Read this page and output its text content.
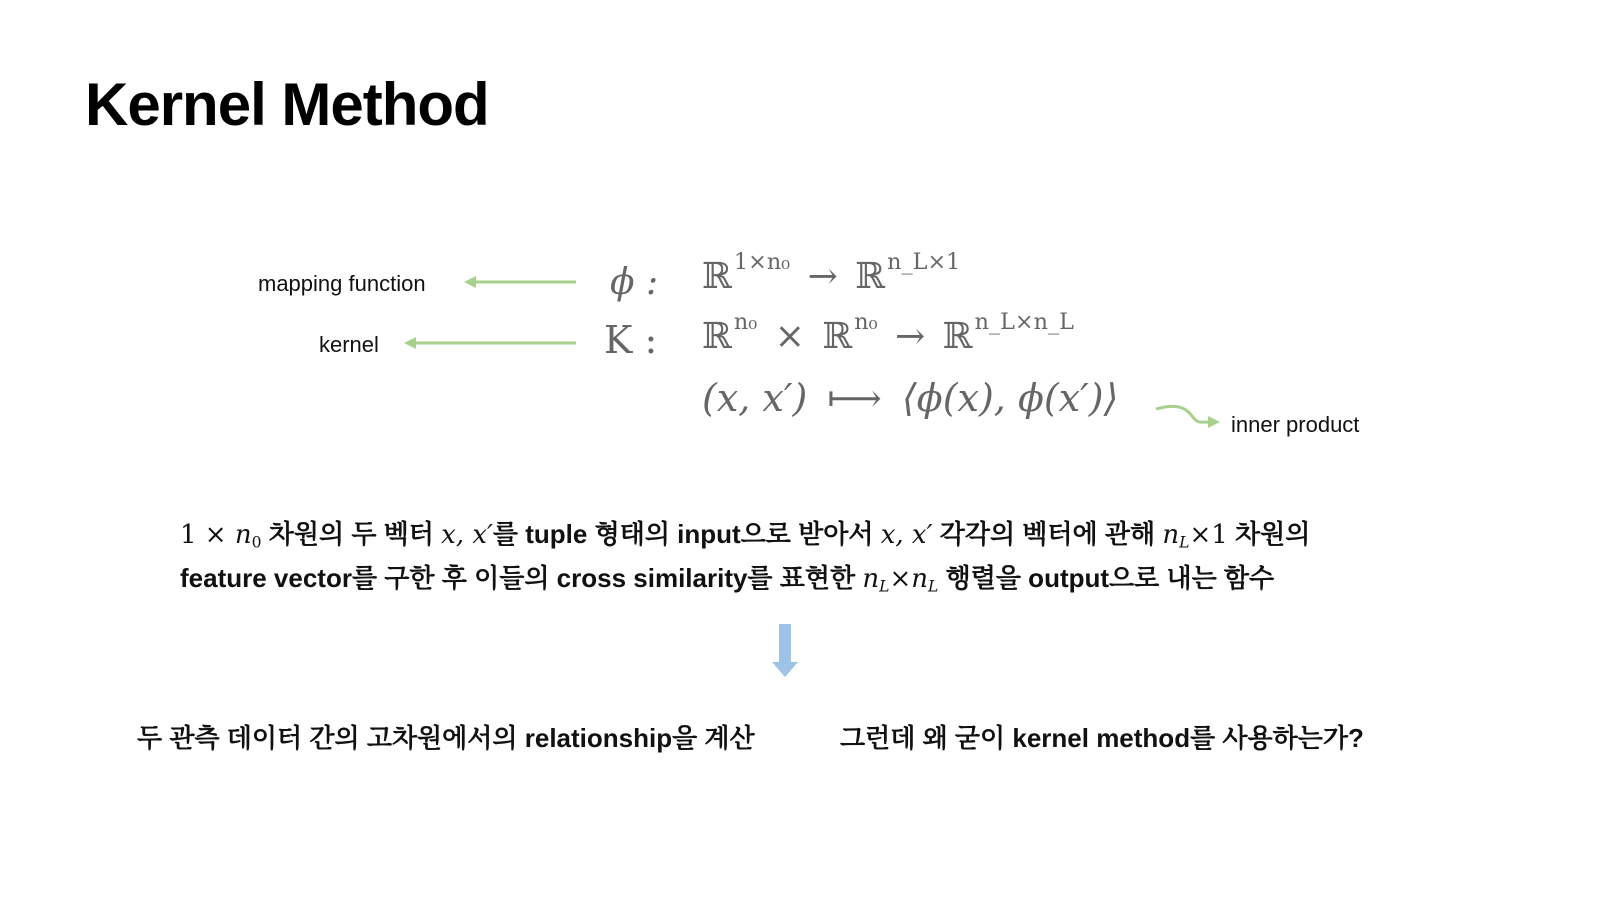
Kernel Method
mapping function
kernel
inner product
ϕ :
K :
ℝ$^{1\times n_0}$ → ℝ$^{n\_L\times 1}$
ℝ$^{n_0}$ × ℝ$^{n_0}$ → ℝ$^{n\_L\times n\_L}$
(x, x′) ⟼ ⟨ϕ(x), ϕ(x′)⟩
$1 \times n_0$ 차원의 두 벡터 x, x′를 tuple 형태의 input으로 받아서 x, x′ 각각의 벡터에 관해 $n_L\times 1$ 차원의
feature vector를 구한 후 이들의 cross similarity를 표현한 $n_L\times n_L$ 행렬을 output으로 내는 함수
두 관측 데이터 간의 고차원에서의 relationship을 계산	그런데 왜 굳이 kernel method를 사용하는가?
